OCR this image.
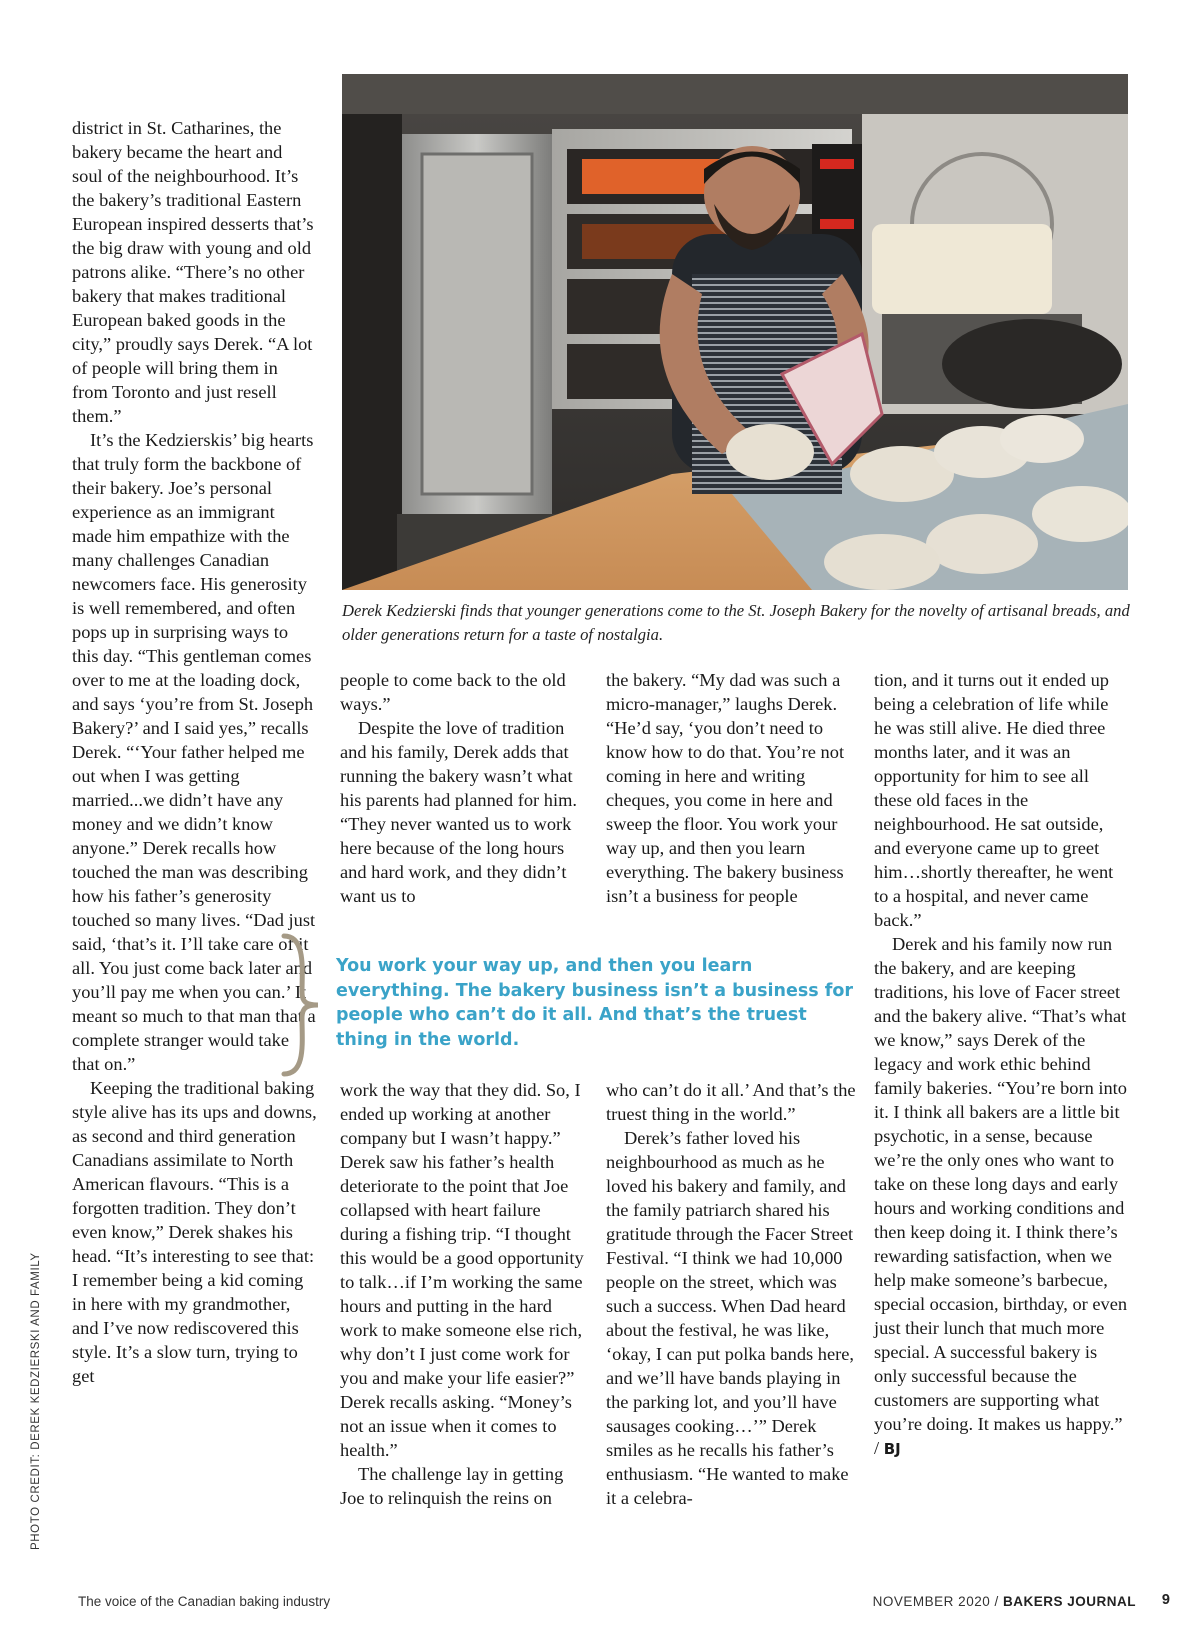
district in St. Catharines, the bakery became the heart and soul of the neighbourhood. It’s the bakery’s traditional Eastern European inspired desserts that’s the big draw with young and old patrons alike. “There’s no other bakery that makes traditional European baked goods in the city,” proudly says Derek. “A lot of people will bring them in from Toronto and just resell them.”

It’s the Kedzierskis’ big hearts that truly form the backbone of their bakery. Joe’s personal experience as an immigrant made him empathize with the many challenges Canadian newcomers face. His generosity is well remembered, and often pops up in surprising ways to this day. “This gentleman comes over to me at the loading dock, and says ‘you’re from St. Joseph Bakery?’ and I said yes,” recalls Derek. “‘Your father helped me out when I was getting married...we didn’t have any money and we didn’t know anyone.” Derek recalls how touched the man was describing how his father’s generosity touched so many lives. “Dad just said, ‘that’s it. I’ll take care of it all. You just come back later and you’ll pay me when you can.’ It meant so much to that man that a complete stranger would take that on.”

Keeping the traditional baking style alive has its ups and downs, as second and third generation Canadians assimilate to North American flavours. “This is a forgotten tradition. They don’t even know,” Derek shakes his head. “It’s interesting to see that: I remember being a kid coming in here with my grandmother, and I’ve now rediscovered this style. It’s a slow turn, trying to get

Derek Kedzierski finds that younger generations come to the St. Joseph Bakery for the novelty of artisanal breads, and older generations return for a taste of nostalgia.

people to come back to the old ways.”

Despite the love of tradition and his family, Derek adds that running the bakery wasn’t what his parents had planned for him. “They never wanted us to work here because of the long hours and hard work, and they didn’t want us to

work the way that they did. So, I ended up working at another company but I wasn’t happy.” Derek saw his father’s health deteriorate to the point that Joe collapsed with heart failure during a fishing trip. “I thought this would be a good opportunity to talk…if I’m working the same hours and putting in the hard work to make someone else rich, why don’t I just come work for you and make your life easier?” Derek recalls asking. “Money’s not an issue when it comes to health.”

The challenge lay in getting Joe to relinquish the reins on

the bakery. “My dad was such a micro-manager,” laughs Derek. “He’d say, ‘you don’t need to know how to do that. You’re not coming in here and writing cheques, you come in here and sweep the floor. You work your way up, and then you learn everything. The bakery business isn’t a business for people

who can’t do it all.’ And that’s the truest thing in the world.”

Derek’s father loved his neighbourhood as much as he loved his bakery and family, and the family patriarch shared his gratitude through the Facer Street Festival. “I think we had 10,000 people on the street, which was such a success. When Dad heard about the festival, he was like, ‘okay, I can put polka bands here, and we’ll have bands playing in the parking lot, and you’ll have sausages cooking…’” Derek smiles as he recalls his father’s enthusiasm. “He wanted to make it a celebra-

tion, and it turns out it ended up being a celebration of life while he was still alive. He died three months later, and it was an opportunity for him to see all these old faces in the neighbourhood. He sat outside, and everyone came up to greet him…shortly thereafter, he went to a hospital, and never came back.”

Derek and his family now run the bakery, and are keeping traditions, his love of Facer street and the bakery alive. “That’s what we know,” says Derek of the legacy and work ethic behind family bakeries. “You’re born into it. I think all bakers are a little bit psychotic, in a sense, because we’re the only ones who want to take on these long days and early hours and working conditions and then keep doing it. I think there’s rewarding satisfaction, when we help make someone’s barbecue, special occasion, birthday, or even just their lunch that much more special. A successful bakery is only successful because the customers are supporting what you’re doing. It makes us happy.” / BJ

You work your way up, and then you learn everything. The bakery business isn’t a business for people who can’t do it all. And that’s the truest thing in the world.
PHOTO CREDIT: DEREK KEDZIERSKI AND FAMILY
The voice of the Canadian baking industry	NOVEMBER 2020 / BAKERS JOURNAL 9
